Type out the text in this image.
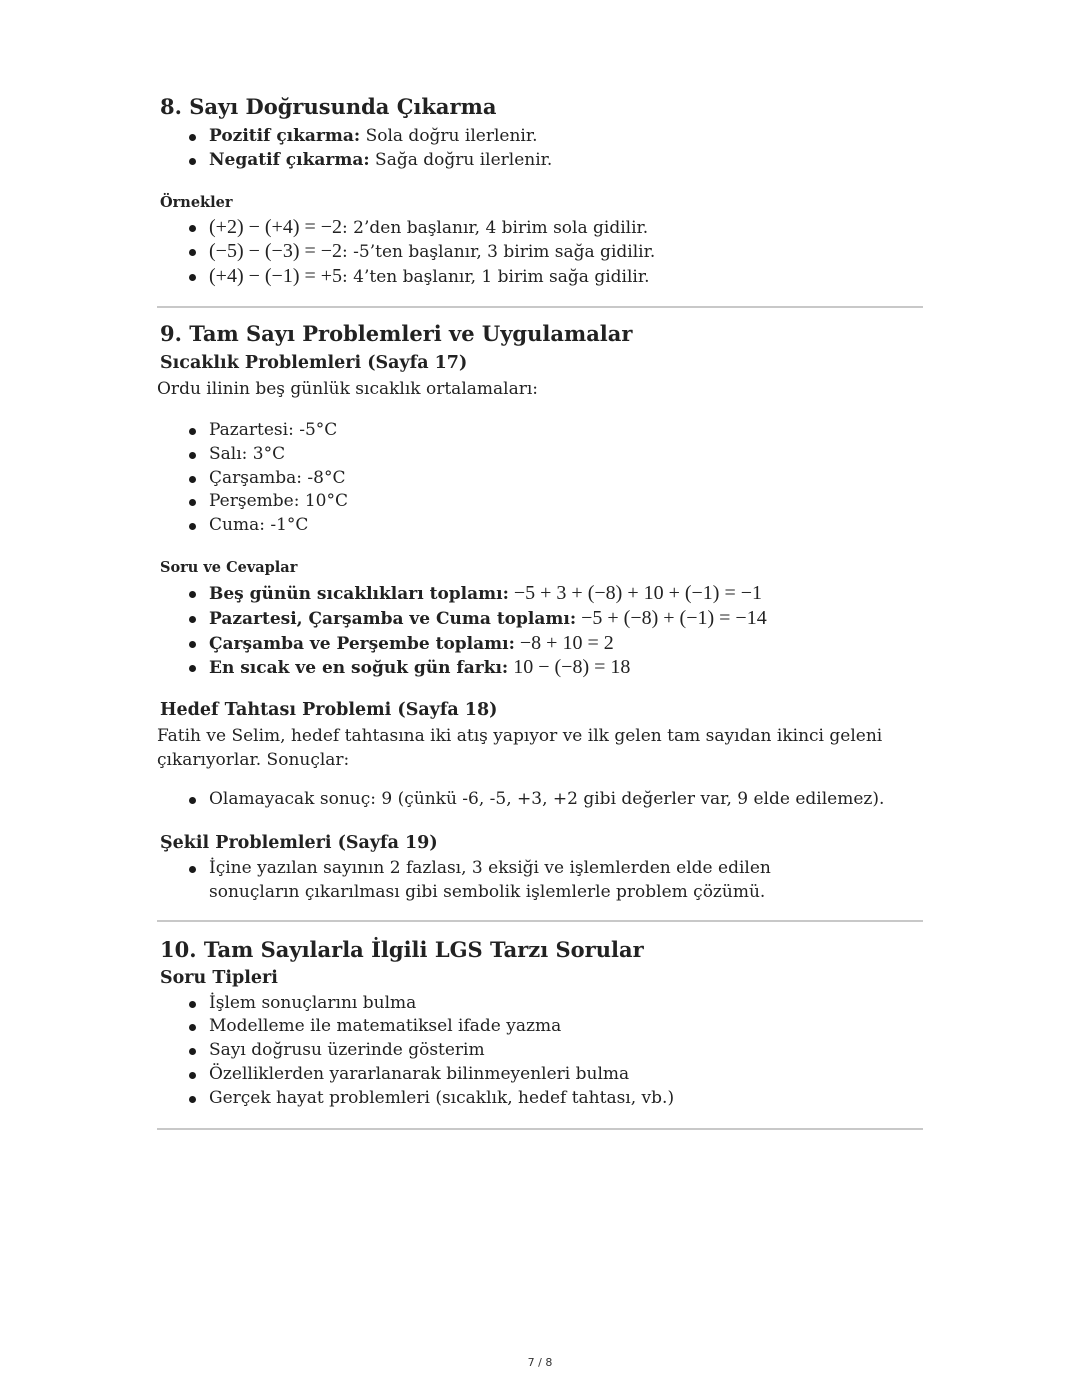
8. Sayı Doğrusunda Çıkarma
Pozitif çıkarma: Sola doğru ilerlenir.
Negatif çıkarma: Sağa doğru ilerlenir.
Örnekler
(+2) − (+4) = −2: 2’den başlanır, 4 birim sola gidilir.
(−5) − (−3) = −2: -5’ten başlanır, 3 birim sağa gidilir.
(+4) − (−1) = +5: 4’ten başlanır, 1 birim sağa gidilir.
9. Tam Sayı Problemleri ve Uygulamalar
Sıcaklık Problemleri (Sayfa 17)

Ordu ilinin beş günlük sıcaklık ortalamaları:

Pazartesi: -5°C
Salı: 3°C
Çarşamba: -8°C
Perşembe: 10°C
Cuma: -1°C
Soru ve Cevaplar
Beş günün sıcaklıkları toplamı: −5 + 3 + (−8) + 10 + (−1) = −1
Pazartesi, Çarşamba ve Cuma toplamı: −5 + (−8) + (−1) = −14
Çarşamba ve Perşembe toplamı: −8 + 10 = 2
En sıcak ve en soğuk gün farkı: 10 − (−8) = 18
Hedef Tahtası Problemi (Sayfa 18)

Fatih ve Selim, hedef tahtasına iki atış yapıyor ve ilk gelen tam sayıdan ikinci geleni çıkarıyorlar. Sonuçlar:

Olamayacak sonuç: 9 (çünkü -6, -5, +3, +2 gibi değerler var, 9 elde edilemez).
Şekil Problemleri (Sayfa 19)
İçine yazılan sayının 2 fazlası, 3 eksiği ve işlemlerden elde edilen sonuçların çıkarılması gibi sembolik işlemlerle problem çözümü.
10. Tam Sayılarla İlgili LGS Tarzı Sorular
Soru Tipleri
İşlem sonuçlarını bulma
Modelleme ile matematiksel ifade yazma
Sayı doğrusu üzerinde gösterim
Özelliklerden yararlanarak bilinmeyenleri bulma
Gerçek hayat problemleri (sıcaklık, hedef tahtası, vb.)
7 / 8
